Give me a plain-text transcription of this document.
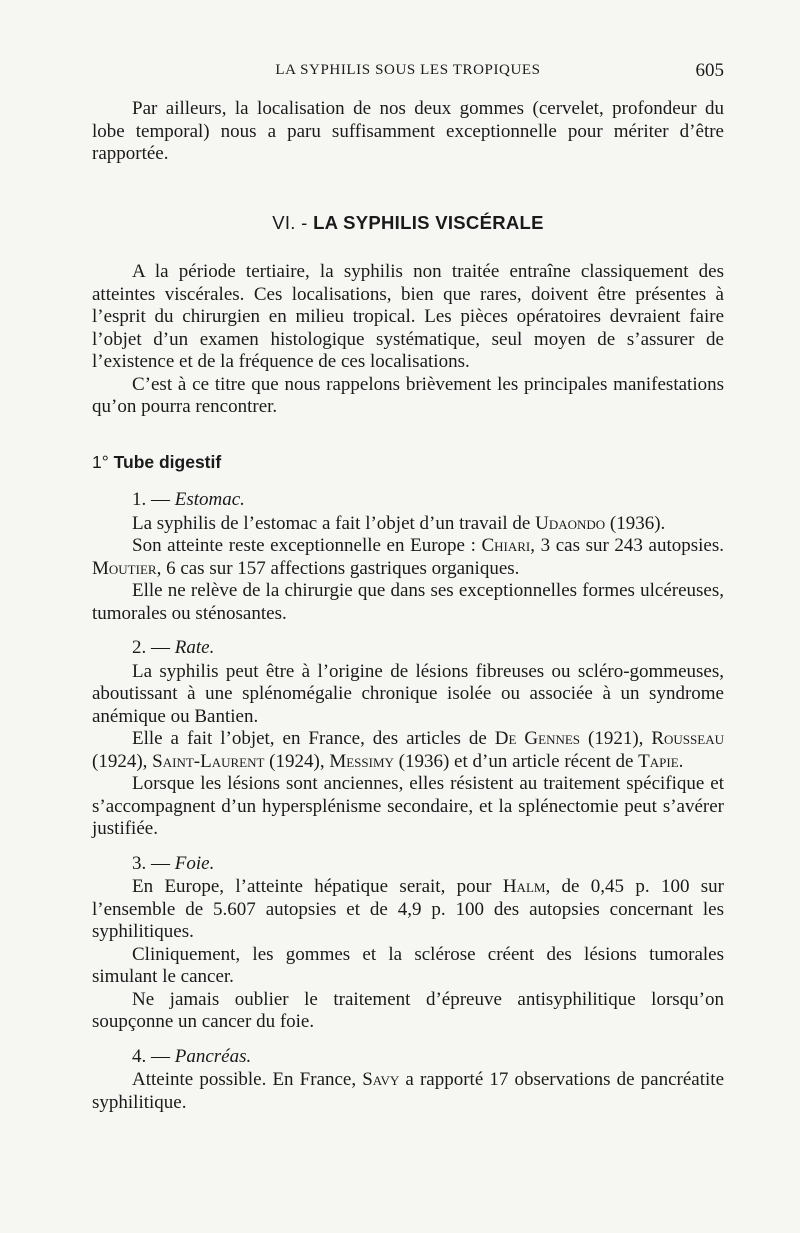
LA SYPHILIS SOUS LES TROPIQUES	605

Par ailleurs, la localisation de nos deux gommes (cervelet, profondeur du lobe temporal) nous a paru suffisamment exceptionnelle pour mériter d’être rapportée.

VI. - LA SYPHILIS VISCÉRALE

A la période tertiaire, la syphilis non traitée entraîne classiquement des atteintes viscérales. Ces localisations, bien que rares, doivent être présentes à l’esprit du chirurgien en milieu tropical. Les pièces opératoires devraient faire l’objet d’un examen histologique systématique, seul moyen de s’assurer de l’existence et de la fréquence de ces localisations.

C’est à ce titre que nous rappelons brièvement les principales manifestations qu’on pourra rencontrer.

1° Tube digestif
1. — Estomac.

La syphilis de l’estomac a fait l’objet d’un travail de Udaondo (1936).

Son atteinte reste exceptionnelle en Europe : Chiari, 3 cas sur 243 autopsies. Moutier, 6 cas sur 157 affections gastriques organiques.

Elle ne relève de la chirurgie que dans ses exceptionnelles formes ulcéreuses, tumorales ou sténosantes.

2. — Rate.

La syphilis peut être à l’origine de lésions fibreuses ou scléro-gommeuses, aboutissant à une splénomégalie chronique isolée ou associée à un syndrome anémique ou Bantien.

Elle a fait l’objet, en France, des articles de De Gennes (1921), Rousseau (1924), Saint-Laurent (1924), Messimy (1936) et d’un article récent de Tapie.

Lorsque les lésions sont anciennes, elles résistent au traitement spécifique et s’accompagnent d’un hypersplénisme secondaire, et la splénectomie peut s’avérer justifiée.

3. — Foie.

En Europe, l’atteinte hépatique serait, pour Halm, de 0,45 p. 100 sur l’ensemble de 5.607 autopsies et de 4,9 p. 100 des autopsies concernant les syphilitiques.

Cliniquement, les gommes et la sclérose créent des lésions tumorales simulant le cancer.

Ne jamais oublier le traitement d’épreuve antisyphilitique lorsqu’on soupçonne un cancer du foie.

4. — Pancréas.

Atteinte possible. En France, Savy a rapporté 17 observations de pancréatite syphilitique.
